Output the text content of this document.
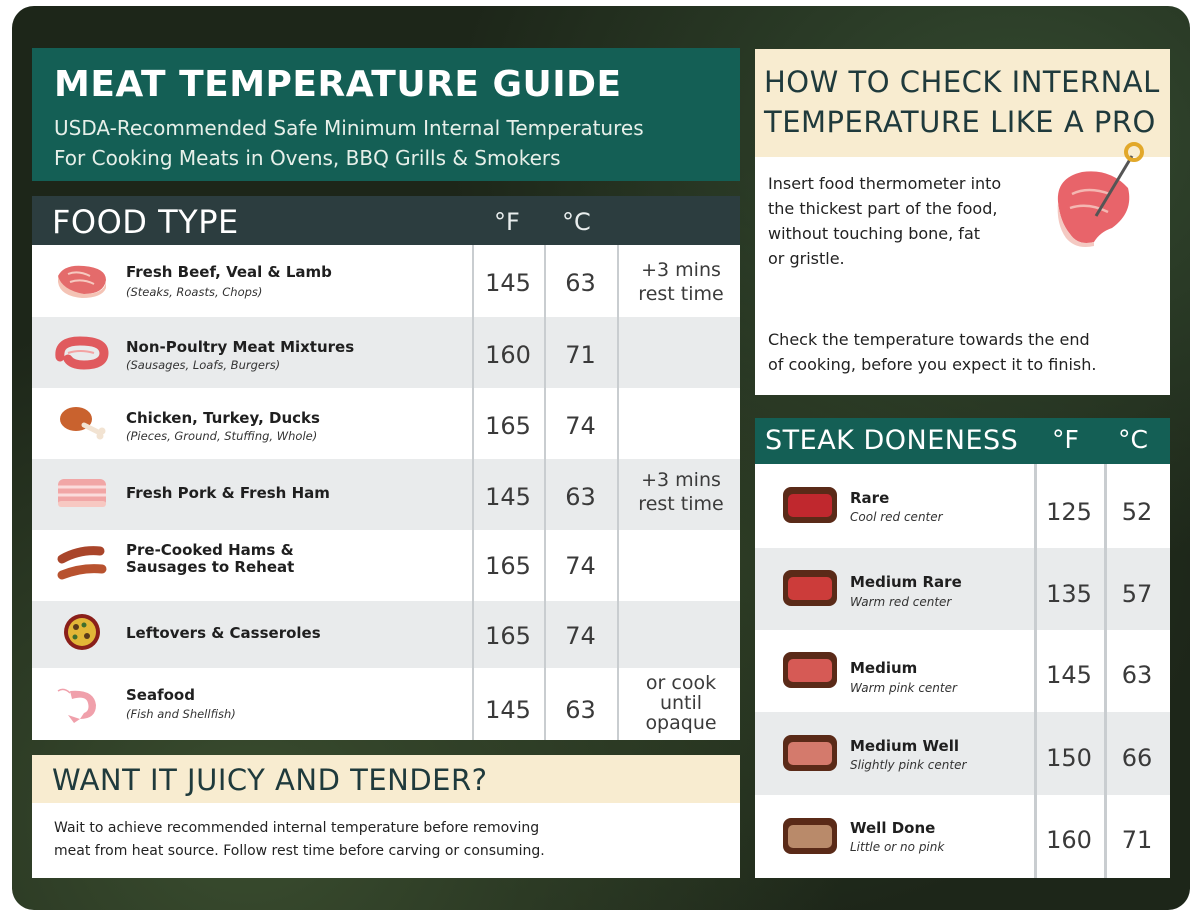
MEAT TEMPERATURE GUIDE
USDA-Recommended Safe Minimum Internal Temperatures
For Cooking Meats in Ovens, BBQ Grills & Smokers
FOOD TYPE	°F °C
Fresh Beef, Veal & Lamb
(Steaks, Roasts, Chops)	145	63	+3 mins
rest time
Non-Poultry Meat Mixtures
(Sausages, Loafs, Burgers)	160	71
Chicken, Turkey, Ducks
(Pieces, Ground, Stuffing, Whole)	165	74
Fresh Pork & Fresh Ham	145	63
+3 mins
rest time
Pre-Cooked Hams &
Sausages to Reheat	165	74
Leftovers & Casseroles	165	74
Seafood
(Fish and Shellfish)	145	63
or cook
until
opaque
WANT IT JUICY AND TENDER?
Wait to achieve recommended internal temperature before removing
meat from heat source. Follow rest time before carving or consuming.
HOW TO CHECK INTERNAL
TEMPERATURE LIKE A PRO
Insert food thermometer into
the thickest part of the food,
without touching bone, fat
or gristle.
Check the temperature towards the end
of cooking, before you expect it to finish.
STEAK DONENESS °F °C
Rare
Cool red center	125	52
Medium Rare
Warm red center	135	57
Medium
Warm pink center	145	63
Medium Well
Slightly pink center	150	66
Well Done
Little or no pink	160	71
